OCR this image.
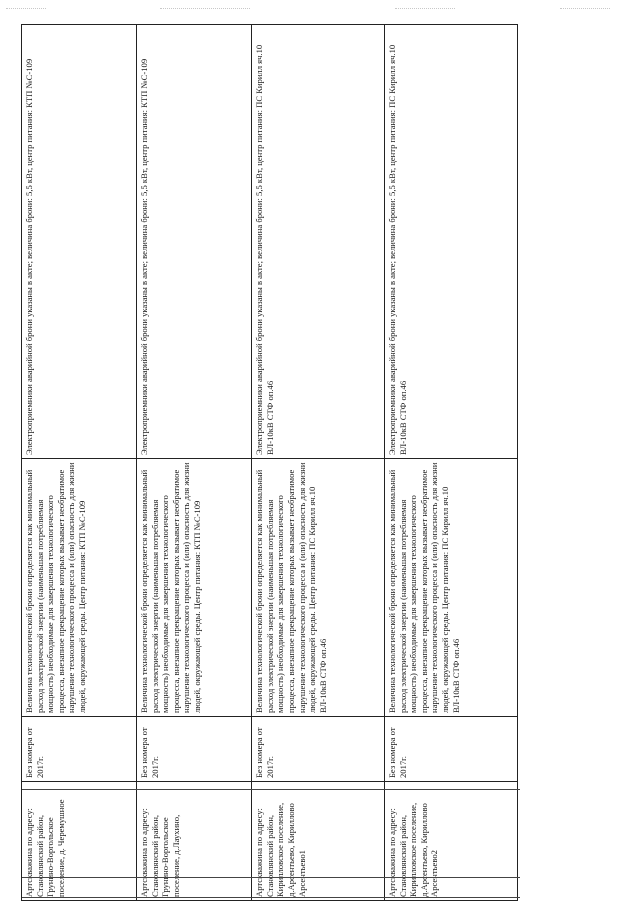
Артскважина по адресу: Становлянский район, Грунино-Воргольское поселение, д. Черемушное	Без номера от 2017г.	Величина технологической брони определяется как минимальный расход электрической энергии (наименьшая потребляемая мощность) необходимые для завершения технологического процесса, внезапное прекращение которых вызывает необратимое нарушение технологического процесса и (или) опасность для жизни людей, окружающей среды. Центр питания: КТП №С-109	Электроприемники аварийной брони указаны в акте; величина брони: 5,5 кВт, центр питания: КТП №С-109

Артскважина по адресу: Становлянский район, Грунино-Воргольское поселение, д.Лаухино,	Без номера от 2017г.	Величина технологической брони определяется как минимальный расход электрической энергии (наименьшая потребляемая мощность) необходимые для завершения технологического процесса, внезапное прекращение которых вызывает необратимое нарушение технологического процесса и (или) опасность для жизни людей, окружающей среды. Центр питания: КТП №С-109	Электроприемники аварийной брони указаны в акте; величина брони: 5,5 кВт, центр питания: КТП №С-109

Артскважина по адресу: Становлянский район, Кирилловское поселение, д.Арсентьево, Кириллово Арсентьево1	Без номера от 2017г.	Величина технологической брони определяется как минимальный расход электрической энергии (наименьшая потребляемая мощность) необходимые для завершения технологического процесса, внезапное прекращение которых вызывает необратимое нарушение технологического процесса и (или) опасность для жизни людей, окружающей среды. Центр питания: ПС Кирилл яч.10 ВЛ-10кВ СТФ оп.46	Электроприемники аварийной брони указаны в акте; величина брони: 5,5 кВт, центр питания: ПС Кирилл яч.10 ВЛ-10кВ СТФ оп.46

Артскважина по адресу: Становлянский район, Кирилловское поселение, д.Арсентьево, Кириллово Арсентьево2	Без номера от 2017г.	Величина технологической брони определяется как минимальный расход электрической энергии (наименьшая потребляемая мощность) необходимые для завершения технологического процесса, внезапное прекращение которых вызывает необратимое нарушение технологического процесса и (или) опасность для жизни людей, окружающей среды. Центр питания: ПС Кирилл яч.10 ВЛ-10кВ СТФ оп.46	Электроприемники аварийной брони указаны в акте; величина брони: 5,5 кВт, центр питания: ПС Кирилл яч.10 ВЛ-10кВ СТФ оп.46
